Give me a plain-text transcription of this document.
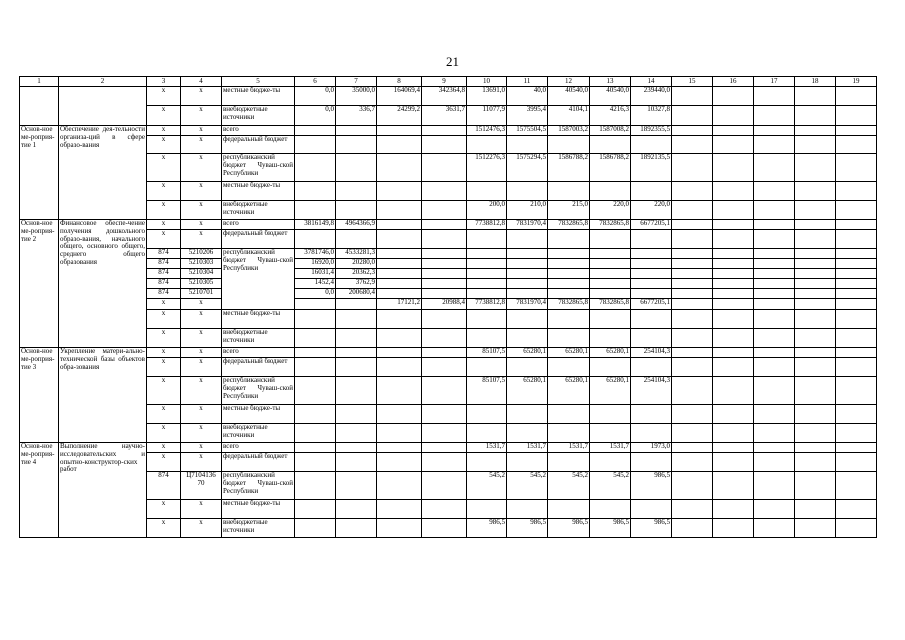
21
1	2	3	4	5	6	7	8	9	10	11	12	13	14	15	16	17	18	19
		х	х	местные бюдже-ты	0,0	35000,0	164069,4	342364,8	13691,0	40,0	40540,0	40540,0	239440,0					
		х	х	внебюджетные источники	0,0	336,7	24299,2	3631,7	11077,9	3995,4	4104,1	4216,3	10327,8					
Основ-ное ме-роприя-тие 1	Обеспечение дея-тельности организа-ций в сфере образо-вания	х	х	всего					1512476,3	1575504,5	1587003,2	1587008,2	1892355,5					
		х	х	федеральный бюджет														
		х	х	республиканский бюджет Чуваш-ской Республики					1512276,3	1575294,5	1586788,2	1586788,2	1892135,5					
		х	х	местные бюдже-ты														
		х	х	внебюджетные источники					200,0	210,0	215,0	220,0	220,0					
Основ-ное ме-роприя-тие 2	Финансовое обеспе-чение получения дошкольного образо-вания, начального общего, основного общего, среднего общего образования	х	х	всего	3816149,8	4964366,9			7738812,8	7831970,4	7832865,8	7832865,8	6677205,1					
		х	х	федеральный бюджет														
		874	5210206	республиканский бюджет Чуваш-ской Республики	3781746,0	4533281,3												
		874	5210303		16920,0	20280,0												
		874	5210304		16031,4	20362,3												
		874	5210305		1452,4	3762,9												
		874	5210701		0,0	200680,4												
		х	х				17121,2	20988,4	7738812,8	7831970,4	7832865,8	7832865,8	6677205,1					
		х	х	местные бюдже-ты														
		х	х	внебюджетные источники														
Основ-ное ме-роприя-тие 3	Укрепление матери-ально-технической базы объектов обра-зования	х	х	всего					85107,5	65280,1	65280,1	65280,1	254104,3					
		х	х	федеральный бюджет														
		х	х	республиканский бюджет Чуваш-ской Республики					85107,5	65280,1	65280,1	65280,1	254104,3					
		х	х	местные бюдже-ты														
		х	х	внебюджетные источники														
Основ-ное ме-роприя-тие 4	Выполнение научно-исследовательских и опытно-конструктор-ских работ	х	х	всего					1531,7	1531,7	1531,7	1531,7	1973,0					
		х	х	федеральный бюджет														
		874	Ц7104136 70	республиканский бюджет Чуваш-ской Республики					545,2	545,2	545,2	545,2	986,5					
		х	х	местные бюдже-ты														
		х	х	внебюджетные источники					986,5	986,5	986,5	986,5	986,5					
